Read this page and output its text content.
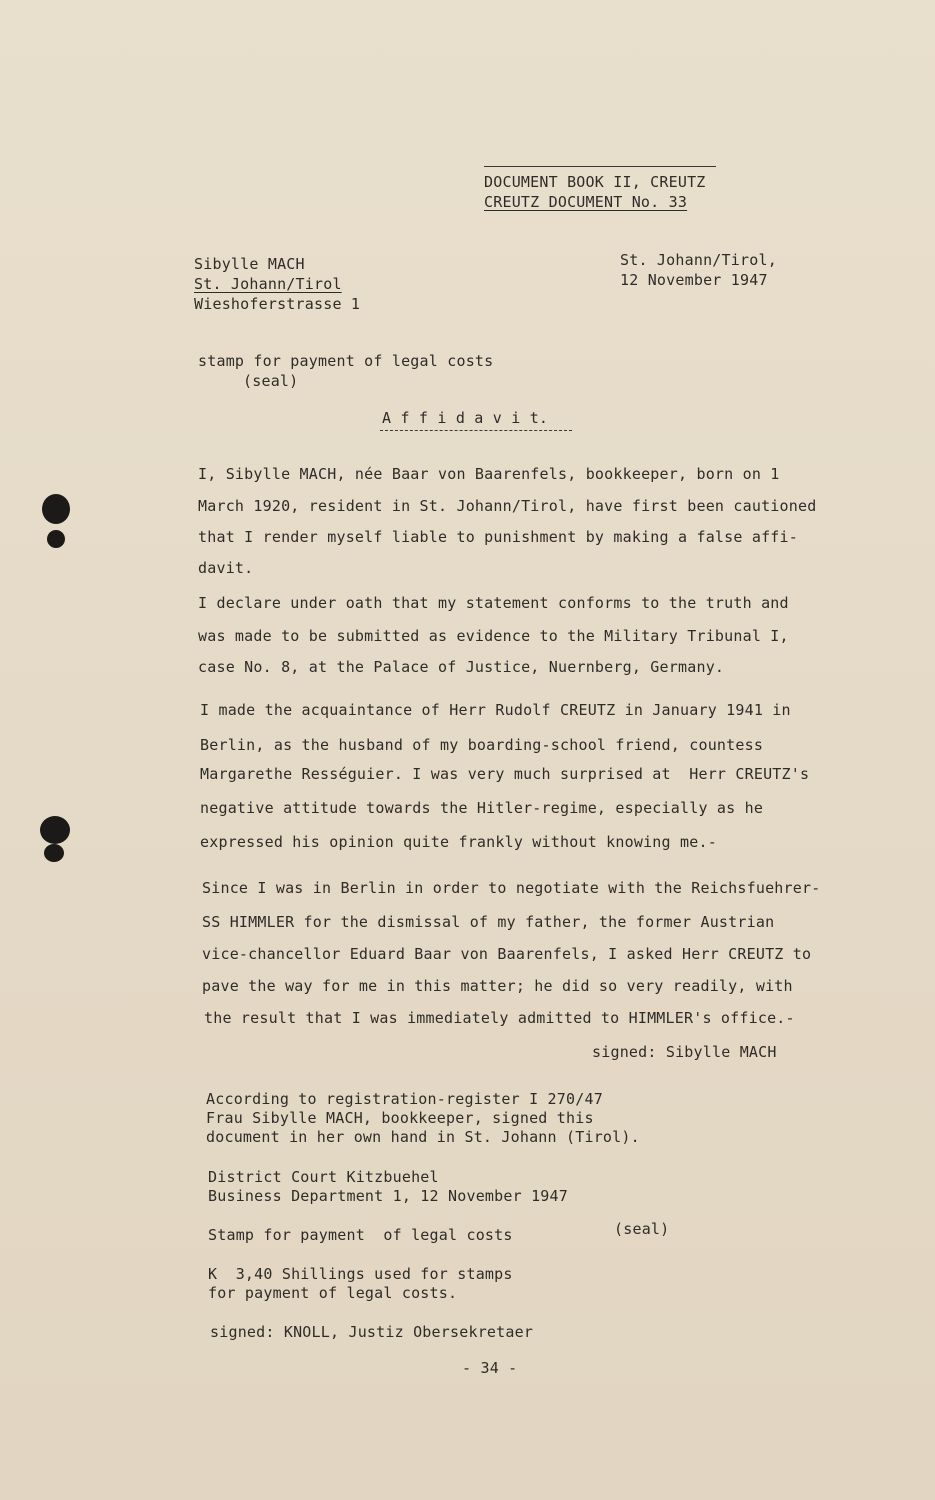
DOCUMENT BOOK II, CREUTZ
CREUTZ DOCUMENT No. 33
Sibylle MACH
St. Johann/Tirol
Wieshoferstrasse 1
St. Johann/Tirol,
12 November 1947
stamp for payment of legal costs
(seal)
A f f i d a v i t.
I, Sibylle MACH, née Baar von Baarenfels, bookkeeper, born on 1
March 1920, resident in St. Johann/Tirol, have first been cautioned
that I render myself liable to punishment by making a false affi-
davit.
I declare under oath that my statement conforms to the truth and
was made to be submitted as evidence to the Military Tribunal I,
case No. 8, at the Palace of Justice, Nuernberg, Germany.
I made the acquaintance of Herr Rudolf CREUTZ in January 1941 in
Berlin, as the husband of my boarding-school friend, countess
Margarethe Rességuier. I was very much surprised at  Herr CREUTZ's
negative attitude towards the Hitler-regime, especially as he
expressed his opinion quite frankly without knowing me.-
Since I was in Berlin in order to negotiate with the Reichsfuehrer-
SS HIMMLER for the dismissal of my father, the former Austrian
vice-chancellor Eduard Baar von Baarenfels, I asked Herr CREUTZ to
pave the way for me in this matter; he did so very readily, with
the result that I was immediately admitted to HIMMLER's office.-
signed: Sibylle MACH
According to registration-register I 270/47
Frau Sibylle MACH, bookkeeper, signed this
document in her own hand in St. Johann (Tirol).
District Court Kitzbuehel
Business Department 1, 12 November 1947
Stamp for payment  of legal costs	(seal)
K  3,40 Shillings used for stamps
for payment of legal costs.
signed: KNOLL, Justiz Obersekretaer
- 34 -
